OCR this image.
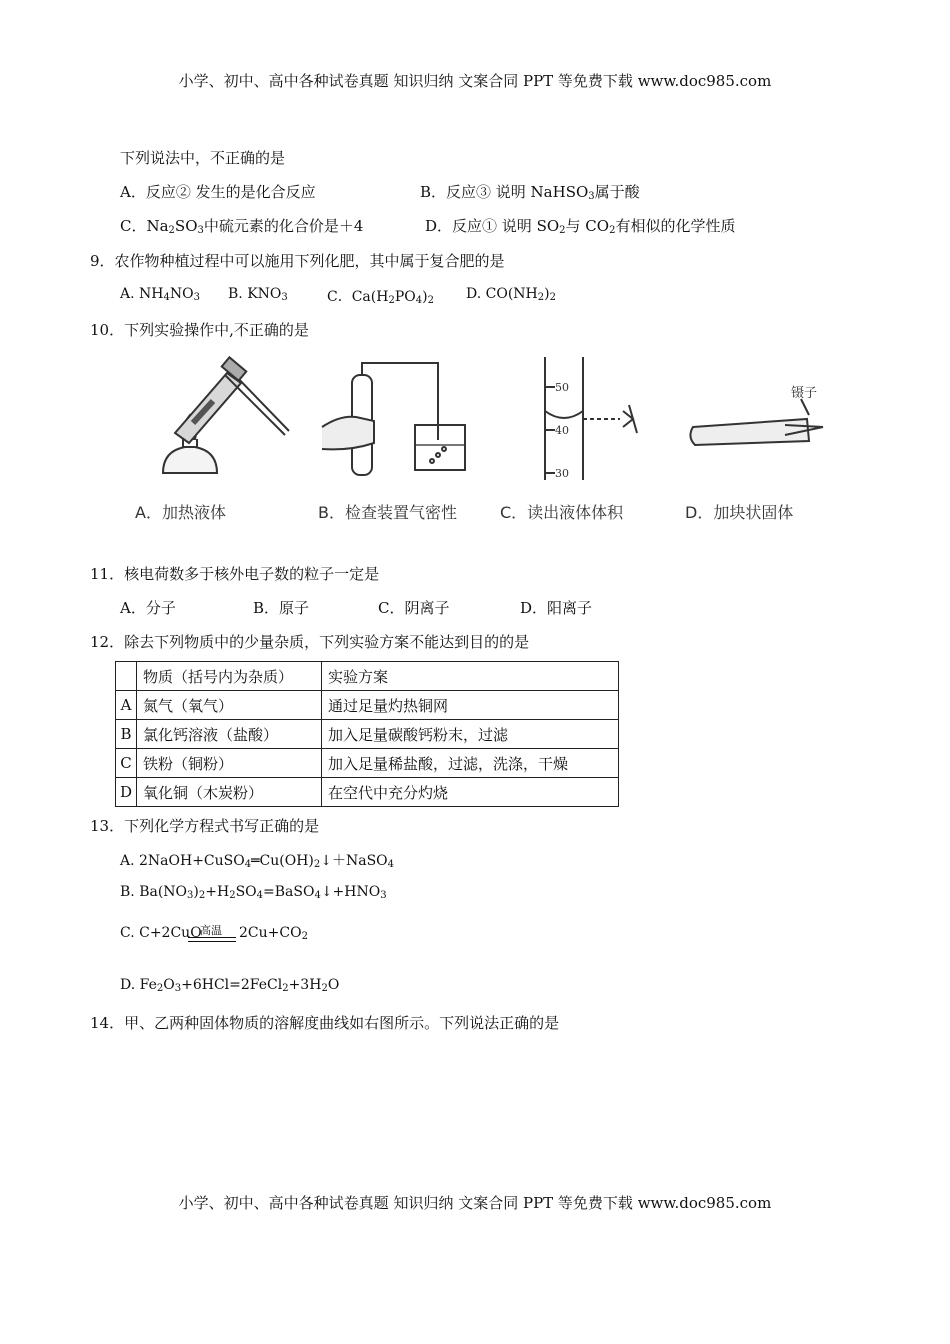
小学、初中、高中各种试卷真题 知识归纳 文案合同 PPT 等免费下载 www.doc985.com
小学、初中、高中各种试卷真题 知识归纳 文案合同 PPT 等免费下载 www.doc985.com
下列说法中，不正确的是
A．反应② 发生的是化合反应	B．反应③ 说明 NaHSO$_3$属于酸
C．$Na_2SO_3$中硫元素的化合价是＋4	D．反应① 说明 $SO_2$与 $CO_2$有相似的化学性质
9．农作物种植过程中可以施用下列化肥，其中属于复合肥的是
A. $NH_4NO_3$ B. $KNO_3$	C．$Ca(H_2PO_4)_2$ D. $CO(NH_2)_2$
10．下列实验操作中,不正确的是
50
40
30
镊子
A．加热液体	B．检查装置气密性	C．读出液体体积	D．加块状固体
11．核电荷数多于核外电子数的粒子一定是
A．分子	B．原子	C．阴离子	D．阳离子
12．除去下列物质中的少量杂质，下列实验方案不能达到目的的是
	物质（括号内为杂质）	实验方案
A	氮气（氧气）	通过足量灼热铜网
B	氯化钙溶液（盐酸）	加入足量碳酸钙粉末，过滤
C	铁粉（铜粉）	加入足量稀盐酸，过滤，洗涤，干燥
D	氧化铜（木炭粉）	在空代中充分灼烧
13．下列化学方程式书写正确的是
A. $2NaOH+CuSO_4═Cu(OH)_2↓+NaSO_4$
B. $Ba(NO_3)_2+H_2SO_4=BaSO_4↓+HNO_3$
C. C+2CuO
高温 $2Cu+CO_2$
D. $Fe_2O_3+6HCl=2FeCl_2+3H_2O$
14．甲、乙两种固体物质的溶解度曲线如右图所示。下列说法正确的是
